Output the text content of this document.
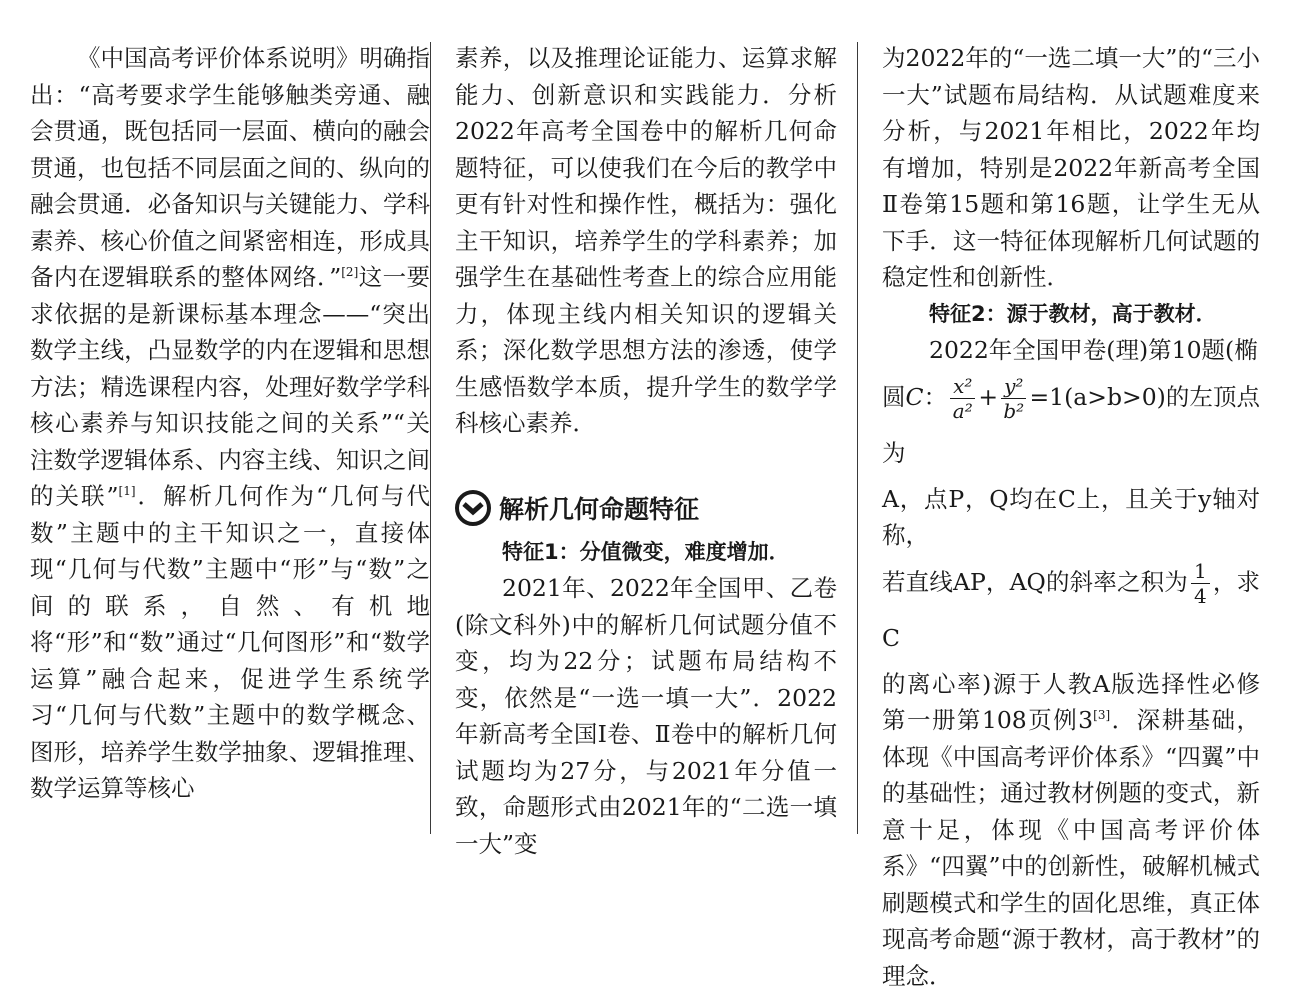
《中国高考评价体系说明》明确指出：“高考要求学生能够触类旁通、融会贯通，既包括同一层面、横向的融会贯通，也包括不同层面之间的、纵向的融会贯通．必备知识与关键能力、学科素养、核心价值之间紧密相连，形成具备内在逻辑联系的整体网络．”[2]这一要求依据的是新课标基本理念——“突出数学主线，凸显数学的内在逻辑和思想方法；精选课程内容，处理好数学学科核心素养与知识技能之间的关系”“关注数学逻辑体系、内容主线、知识之间的关联”[1]．解析几何作为“几何与代数”主题中的主干知识之一，直接体现“几何与代数”主题中“形”与“数”之间的联系，自然、有机地将“形”和“数”通过“几何图形”和“数学运算”融合起来，促进学生系统学习“几何与代数”主题中的数学概念、图形，培养学生数学抽象、逻辑推理、数学运算等核心

素养，以及推理论证能力、运算求解能力、创新意识和实践能力．分析2022年高考全国卷中的解析几何命题特征，可以使我们在今后的教学中更有针对性和操作性，概括为：强化主干知识，培养学生的学科素养；加强学生在基础性考查上的综合应用能力，体现主线内相关知识的逻辑关系；深化数学思想方法的渗透，使学生感悟数学本质，提升学生的数学学科核心素养．

解析几何命题特征

特征1：分值微变，难度增加．

2021年、2022年全国甲、乙卷(除文科外)中的解析几何试题分值不变，均为22分；试题布局结构不变，依然是“一选一填一大”．2022年新高考全国Ⅰ卷、Ⅱ卷中的解析几何试题均为27分，与2021年分值一致，命题形式由2021年的“二选一填一大”变

为2022年的“一选二填一大”的“三小一大”试题布局结构．从试题难度来分析，与2021年相比，2022年均有增加，特别是2022年新高考全国Ⅱ卷第15题和第16题，让学生无从下手．这一特征体现解析几何试题的稳定性和创新性．

特征2：源于教材，高于教材．

2022年全国甲卷(理)第10题(椭

圆C： $\frac{\text{x²}}{\text{a²}} + \frac{\text{y²}}{\text{b²}} =1(a>b>0)$的左顶点为

A，点P，Q均在C上，且关于y轴对称，

若直线AP，AQ的斜率之积为 $\frac{1}{4}$ ，求C

的离心率)源于人教A版选择性必修第一册第108页例3[3]．深耕基础，体现《中国高考评价体系》“四翼”中的基础性；通过教材例题的变式，新意十足，体现《中国高考评价体系》“四翼”中的创新性，破解机械式刷题模式和学生的固化思维，真正体现高考命题“源于教材，高于教材”的理念．
